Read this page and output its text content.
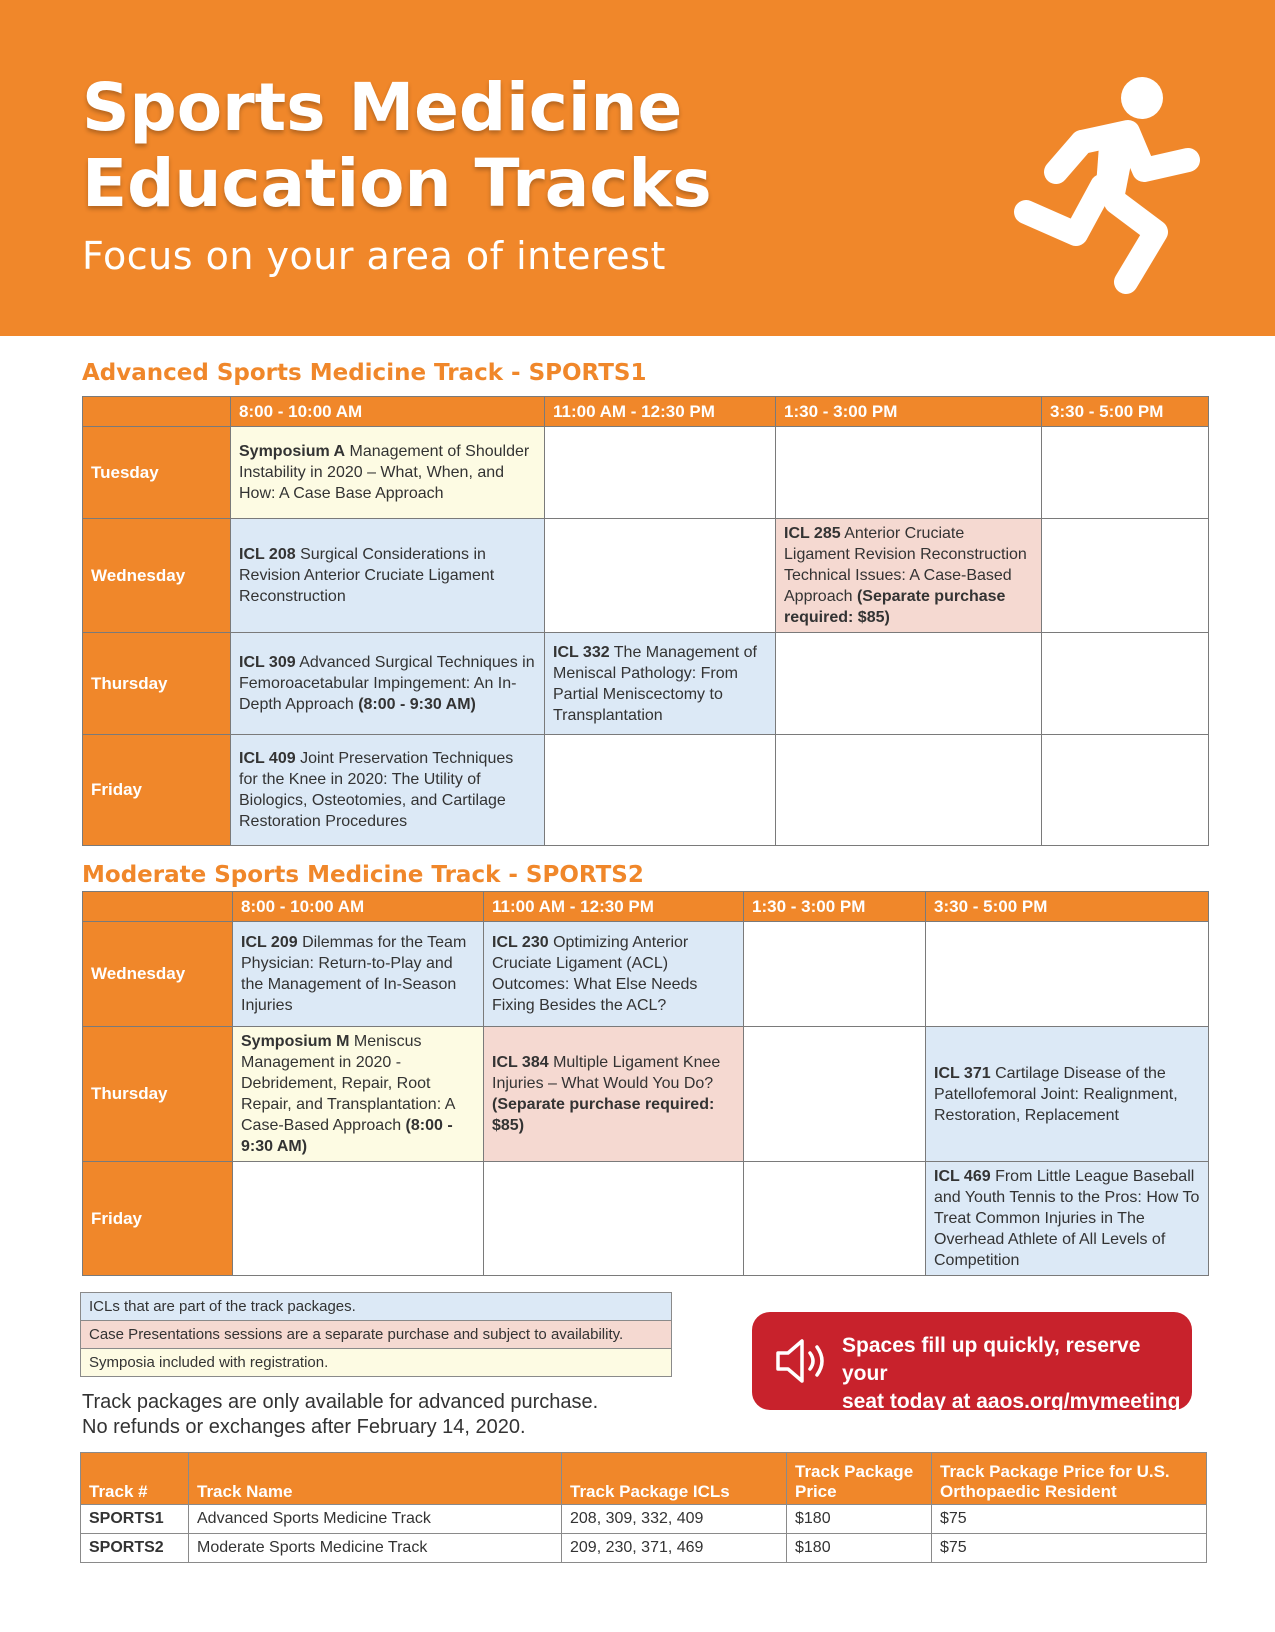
Sports Medicine
Education Tracks
Focus on your area of interest
Advanced Sports Medicine Track - SPORTS1
	8:00 - 10:00 AM	11:00 AM - 12:30 PM	1:30 - 3:00 PM	3:30 - 5:00 PM
Tuesday	Symposium A Management of Shoulder Instability in 2020 – What, When, and How: A Case Base Approach			
Wednesday	ICL 208 Surgical Considerations in Revision Anterior Cruciate Ligament Reconstruction		ICL 285 Anterior Cruciate Ligament Revision Reconstruction Technical Issues: A Case-Based Approach (Separate purchase required: $85)	
Thursday	ICL 309 Advanced Surgical Techniques in Femoroacetabular Impingement: An In-Depth Approach (8:00 - 9:30 AM)	ICL 332 The Management of Meniscal Pathology: From Partial Meniscectomy to Transplantation		
Friday	ICL 409 Joint Preservation Techniques for the Knee in 2020: The Utility of Biologics, Osteotomies, and Cartilage Restoration Procedures			
Moderate Sports Medicine Track - SPORTS2
	8:00 - 10:00 AM	11:00 AM - 12:30 PM	1:30 - 3:00 PM	3:30 - 5:00 PM
Wednesday	ICL 209 Dilemmas for the Team Physician: Return-to-Play and the Management of In-Season Injuries	ICL 230 Optimizing Anterior Cruciate Ligament (ACL) Outcomes: What Else Needs Fixing Besides the ACL?		
Thursday	Symposium M Meniscus Management in 2020 - Debridement, Repair, Root Repair, and Transplantation: A Case-Based Approach (8:00 - 9:30 AM)	ICL 384 Multiple Ligament Knee Injuries – What Would You Do? (Separate purchase required: $85)		ICL 371 Cartilage Disease of the Patellofemoral Joint: Realignment, Restoration, Replacement
Friday				ICL 469 From Little League Baseball and Youth Tennis to the Pros: How To Treat Common Injuries in The Overhead Athlete of All Levels of Competition
ICLs that are part of the track packages.
Case Presentations sessions are a separate purchase and subject to availability.
Symposia included with registration.
Track packages are only available for advanced purchase.
No refunds or exchanges after February 14, 2020.
Spaces fill up quickly, reserve your
seat today at aaos.org/mymeeting
Track #	Track Name	Track Package ICLs	Track Package Price	Track Package Price for U.S. Orthopaedic Resident
SPORTS1	Advanced Sports Medicine Track	208, 309, 332, 409	$180	$75
SPORTS2	Moderate Sports Medicine Track	209, 230, 371, 469	$180	$75
